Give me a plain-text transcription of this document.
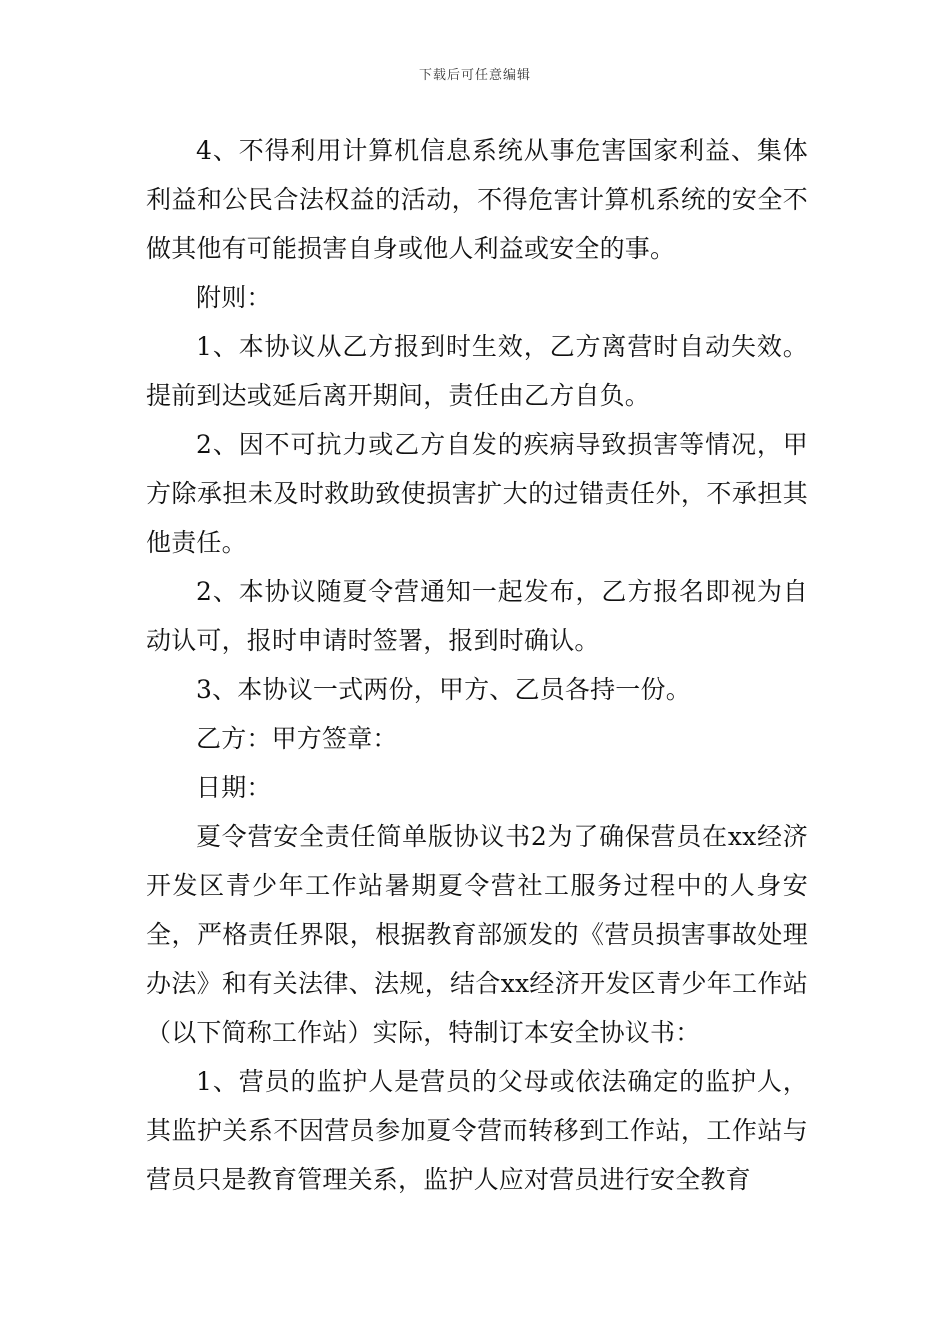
下载后可任意编辑

4、不得利用计算机信息系统从事危害国家利益、集体利益和公民合法权益的活动，不得危害计算机系统的安全不做其他有可能损害自身或他人利益或安全的事。

附则：

1、本协议从乙方报到时生效，乙方离营时自动失效。提前到达或延后离开期间，责任由乙方自负。

2、因不可抗力或乙方自发的疾病导致损害等情况，甲方除承担未及时救助致使损害扩大的过错责任外，不承担其他责任。

2、本协议随夏令营通知一起发布，乙方报名即视为自动认可，报时申请时签署，报到时确认。

3、本协议一式两份，甲方、乙员各持一份。

乙方：甲方签章：

日期：

夏令营安全责任简单版协议书2为了确保营员在xx经济开发区青少年工作站暑期夏令营社工服务过程中的人身安全，严格责任界限，根据教育部颁发的《营员损害事故处理办法》和有关法律、法规，结合xx经济开发区青少年工作站（以下简称工作站）实际，特制订本安全协议书：

1、营员的监护人是营员的父母或依法确定的监护人，其监护关系不因营员参加夏令营而转移到工作站，工作站与营员只是教育管理关系，监护人应对营员进行安全教育
